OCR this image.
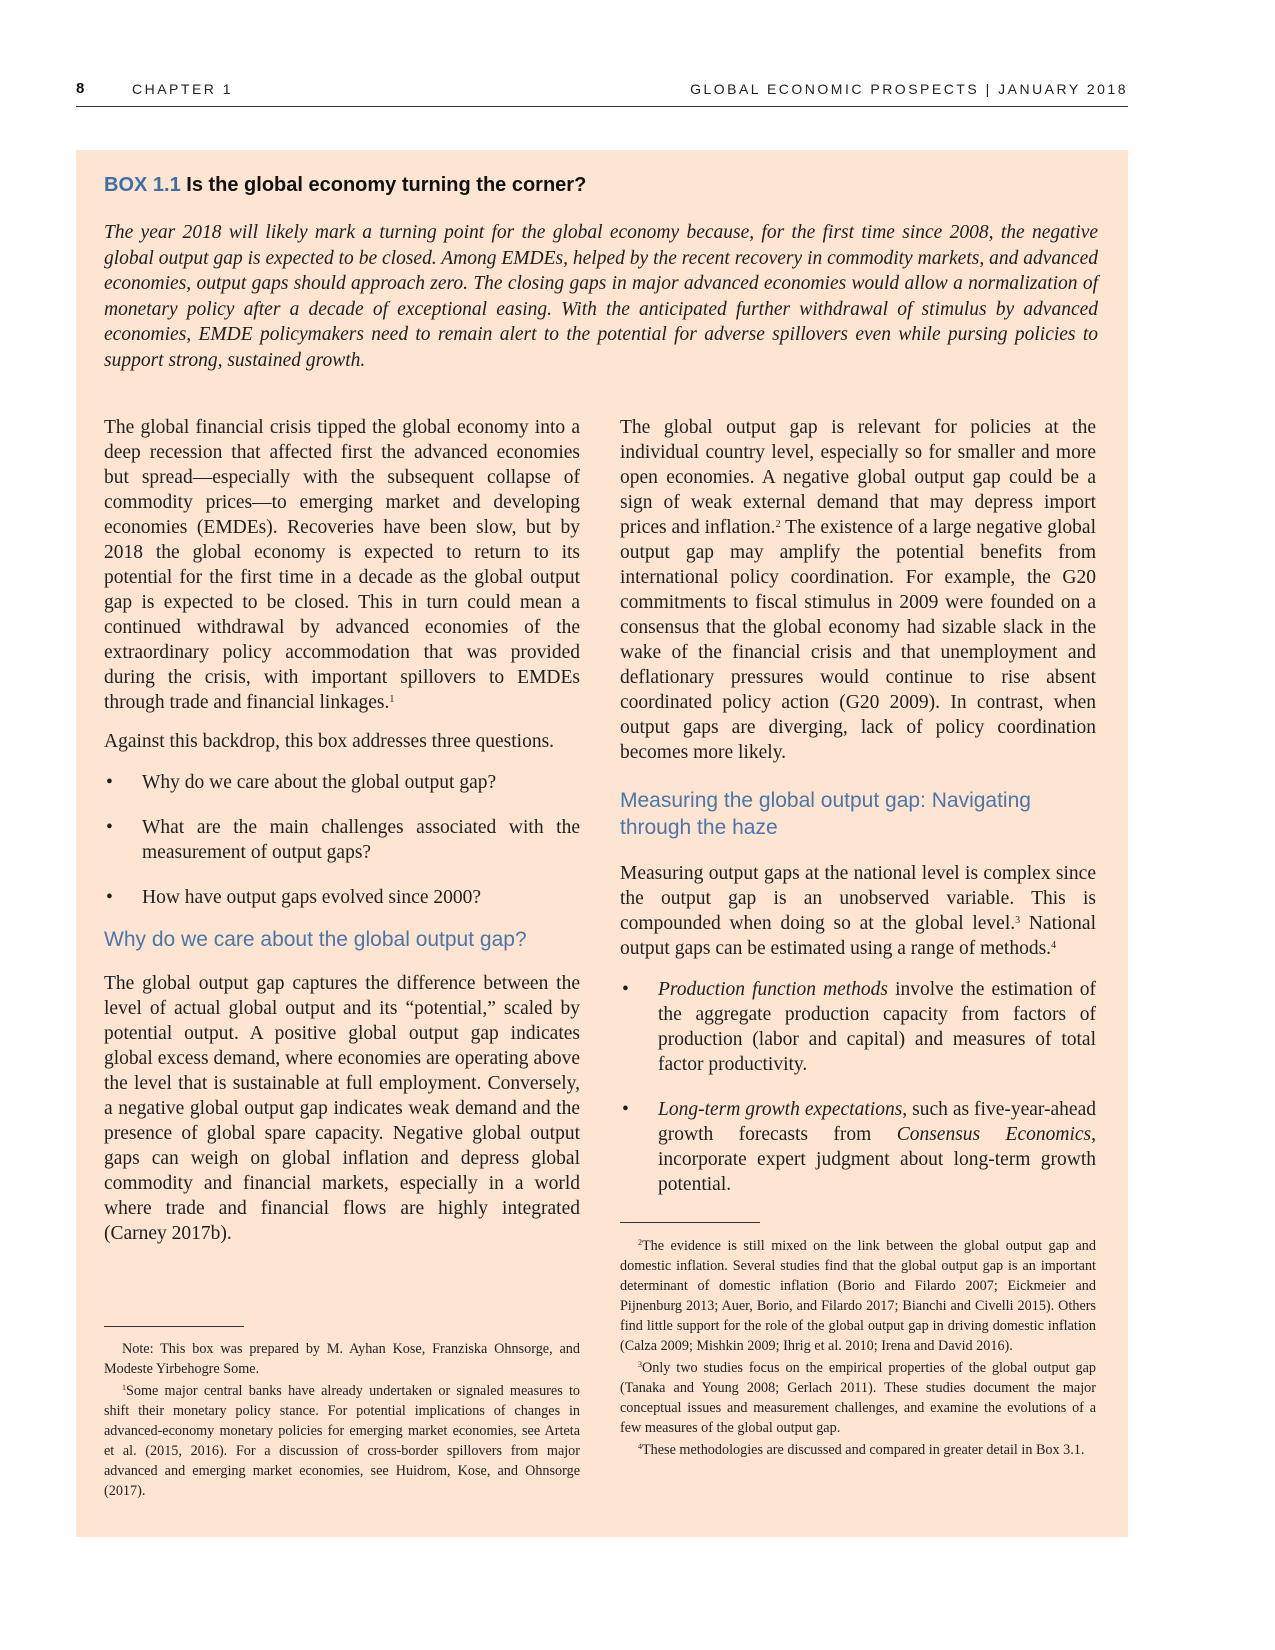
8	CHAPTER 1	GLOBAL ECONOMIC PROSPECTS | JANUARY 2018
BOX 1.1 Is the global economy turning the corner?

The year 2018 will likely mark a turning point for the global economy because, for the first time since 2008, the negative global output gap is expected to be closed. Among EMDEs, helped by the recent recovery in commodity markets, and advanced economies, output gaps should approach zero. The closing gaps in major advanced economies would allow a normalization of monetary policy after a decade of exceptional easing. With the anticipated further withdrawal of stimulus by advanced economies, EMDE policymakers need to remain alert to the potential for adverse spillovers even while pursing policies to support strong, sustained growth.

The global financial crisis tipped the global economy into a deep recession that affected first the advanced economies but spread—especially with the subsequent collapse of commodity prices—to emerging market and developing economies (EMDEs). Recoveries have been slow, but by 2018 the global economy is expected to return to its potential for the first time in a decade as the global output gap is expected to be closed. This in turn could mean a continued withdrawal by advanced economies of the extraordinary policy accommodation that was provided during the crisis, with important spillovers to EMDEs through trade and financial linkages.$^1$

Against this backdrop, this box addresses three questions.

• Why do we care about the global output gap?
• What are the main challenges associated with the measurement of output gaps?
• How have output gaps evolved since 2000?
Why do we care about the global output gap?

The global output gap captures the difference between the level of actual global output and its “potential,” scaled by potential output. A positive global output gap indicates global excess demand, where economies are operating above the level that is sustainable at full employment. Conversely, a negative global output gap indicates weak demand and the presence of global spare capacity. Negative global output gaps can weigh on global inflation and depress global commodity and financial markets, especially in a world where trade and financial flows are highly integrated (Carney 2017b).

The global output gap is relevant for policies at the individual country level, especially so for smaller and more open economies. A negative global output gap could be a sign of weak external demand that may depress import prices and inflation.$^2$ The existence of a large negative global output gap may amplify the potential benefits from international policy coordination. For example, the G20 commitments to fiscal stimulus in 2009 were founded on a consensus that the global economy had sizable slack in the wake of the financial crisis and that unemployment and deflationary pressures would continue to rise absent coordinated policy action (G20 2009). In contrast, when output gaps are diverging, lack of policy coordination becomes more likely.

Measuring the global output gap: Navigating through the haze

Measuring output gaps at the national level is complex since the output gap is an unobserved variable. This is compounded when doing so at the global level.$^3$ National output gaps can be estimated using a range of methods.$^4$

• Production function methods involve the estimation of the aggregate production capacity from factors of production (labor and capital) and measures of total factor productivity.
• Long-term growth expectations, such as five-year-ahead growth forecasts from Consensus Economics, incorporate expert judgment about long-term growth potential.

Note: This box was prepared by M. Ayhan Kose, Franziska Ohnsorge, and Modeste Yirbehogre Some.

$^1$Some major central banks have already undertaken or signaled measures to shift their monetary policy stance. For potential implications of changes in advanced-economy monetary policies for emerging market economies, see Arteta et al. (2015, 2016). For a discussion of cross-border spillovers from major advanced and emerging market economies, see Huidrom, Kose, and Ohnsorge (2017).

$^2$The evidence is still mixed on the link between the global output gap and domestic inflation. Several studies find that the global output gap is an important determinant of domestic inflation (Borio and Filardo 2007; Eickmeier and Pijnenburg 2013; Auer, Borio, and Filardo 2017; Bianchi and Civelli 2015). Others find little support for the role of the global output gap in driving domestic inflation (Calza 2009; Mishkin 2009; Ihrig et al. 2010; Irena and David 2016).

$^3$Only two studies focus on the empirical properties of the global output gap (Tanaka and Young 2008; Gerlach 2011). These studies document the major conceptual issues and measurement challenges, and examine the evolutions of a few measures of the global output gap.

$^4$These methodologies are discussed and compared in greater detail in Box 3.1.
